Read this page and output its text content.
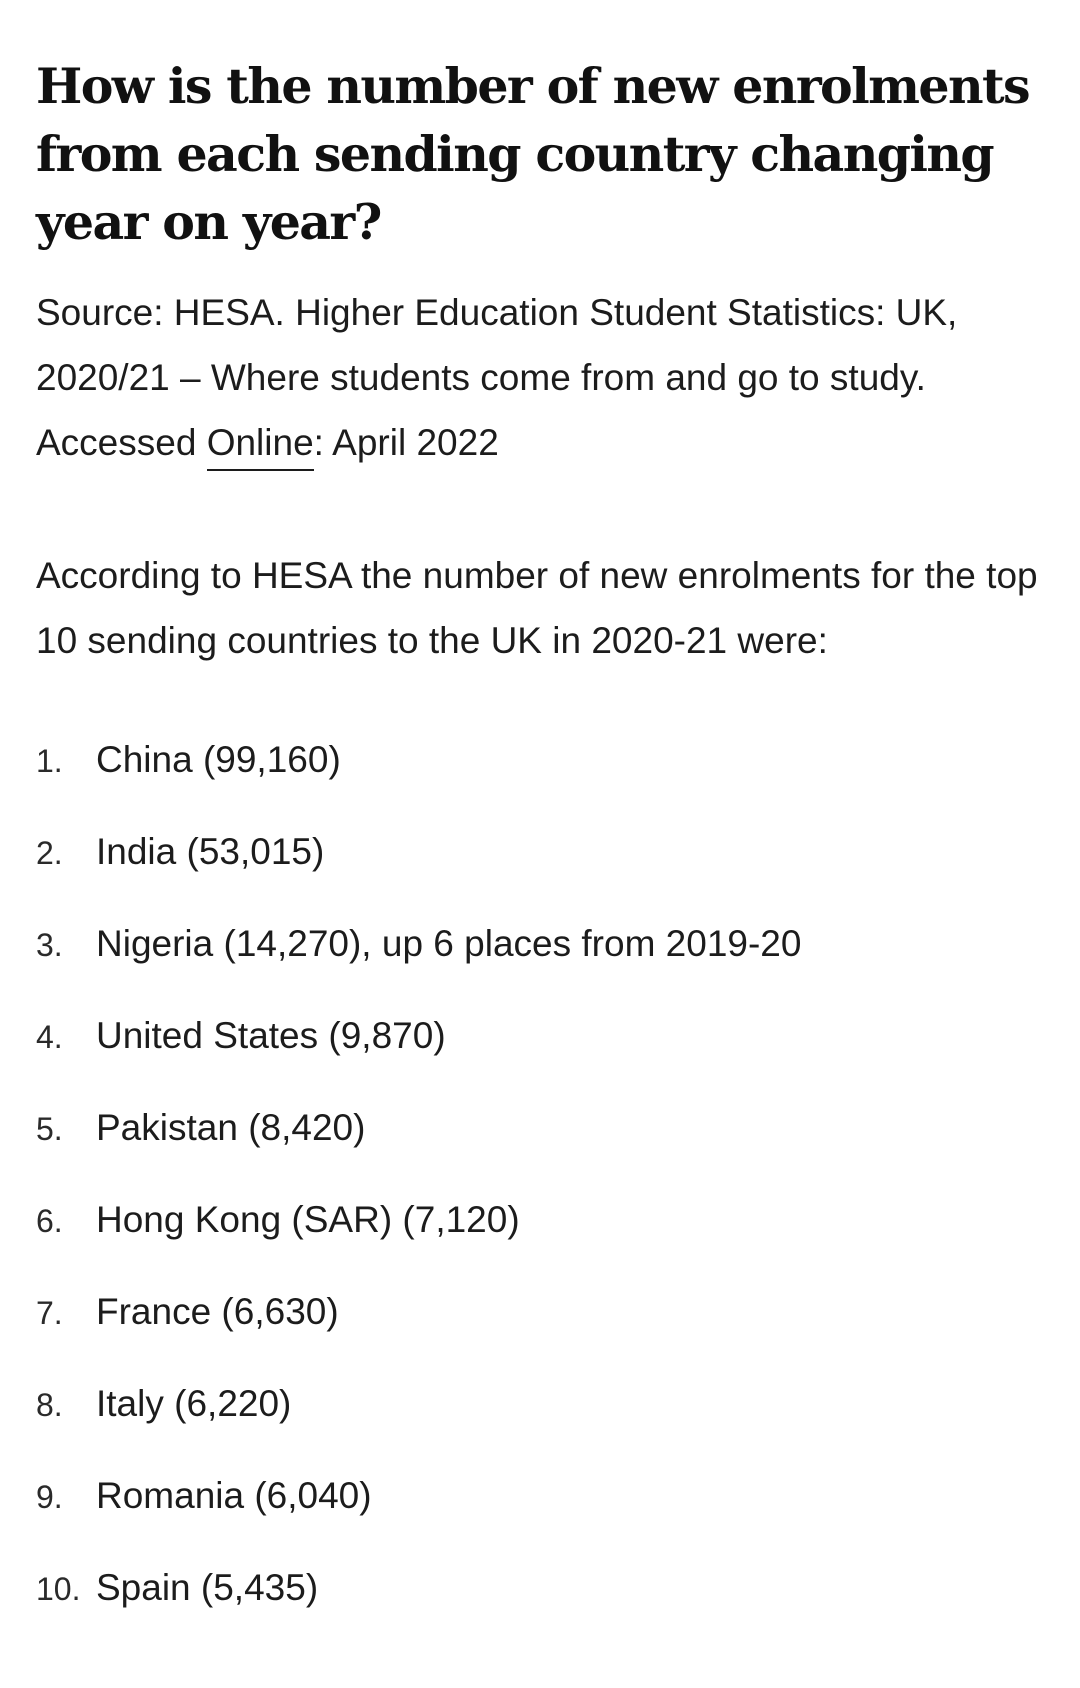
How is the number of new enrolments from each sending country changing year on year?

Source: HESA. Higher Education Student Statistics: UK, 2020/21 – Where students come from and go to study. Accessed Online: April 2022

According to HESA the number of new enrolments for the top 10 sending countries to the UK in 2020-21 were:

1. China (99,160)
2. India (53,015)
3. Nigeria (14,270), up 6 places from 2019-20
4. United States (9,870)
5. Pakistan (8,420)
6. Hong Kong (SAR) (7,120)
7. France (6,630)
8. Italy (6,220)
9. Romania (6,040)
10. Spain (5,435)
